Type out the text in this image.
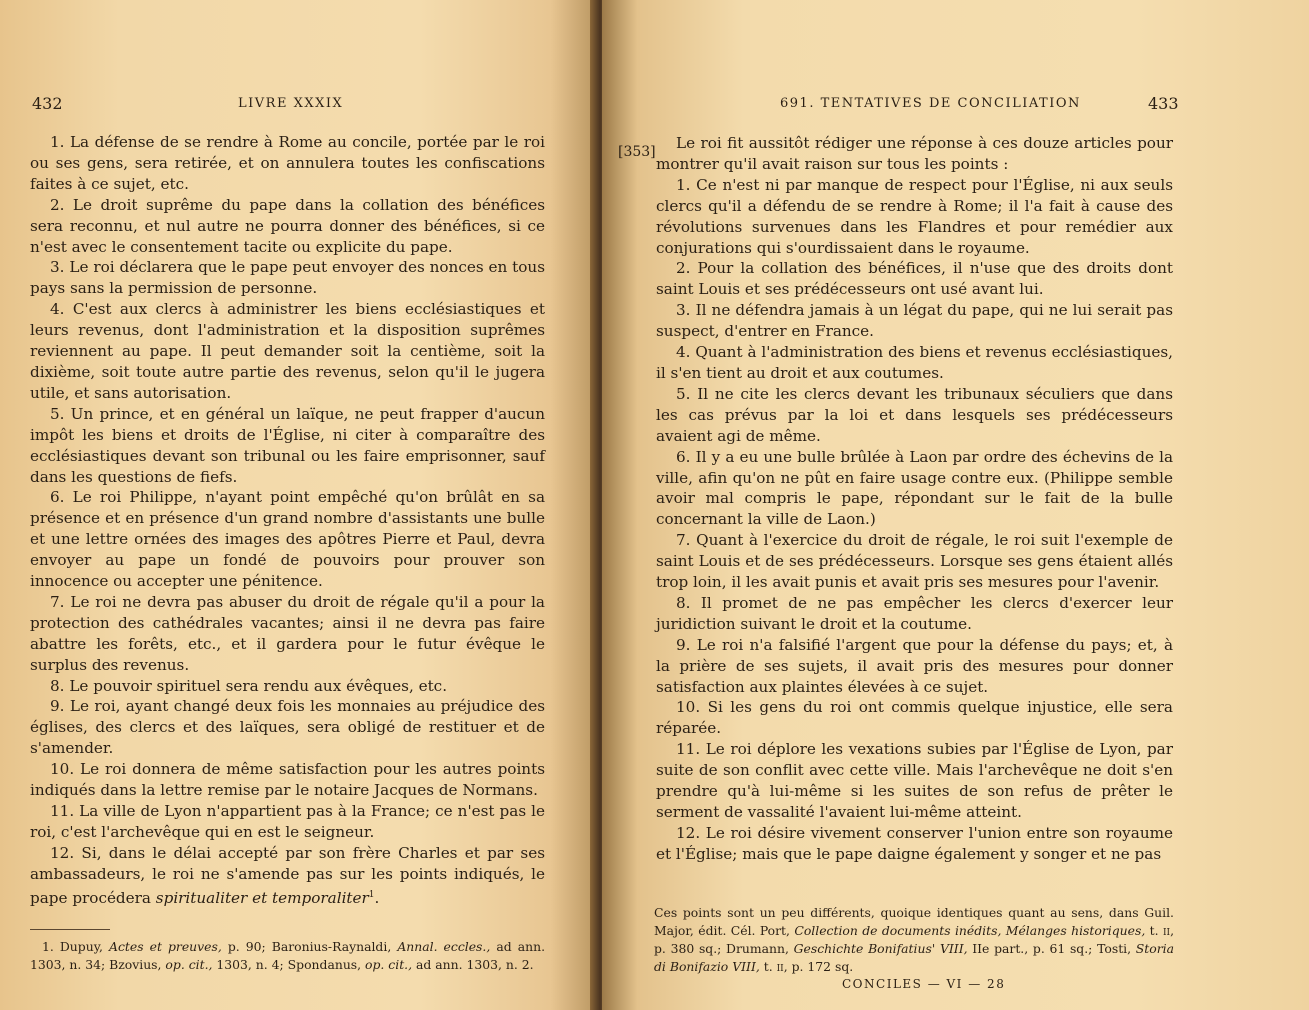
432	LIVRE XXXIX

1. La défense de se rendre à Rome au concile, portée par le roi ou ses gens, sera retirée, et on annulera toutes les confiscations faites à ce sujet, etc.

2. Le droit suprême du pape dans la collation des bénéfices sera reconnu, et nul autre ne pourra donner des bénéfices, si ce n'est avec le consentement tacite ou explicite du pape.

3. Le roi déclarera que le pape peut envoyer des nonces en tous pays sans la permission de personne.

4. C'est aux clercs à administrer les biens ecclésiastiques et leurs revenus, dont l'administration et la disposition suprêmes reviennent au pape. Il peut demander soit la centième, soit la dixième, soit toute autre partie des revenus, selon qu'il le jugera utile, et sans autorisation.

5. Un prince, et en général un laïque, ne peut frapper d'aucun impôt les biens et droits de l'Église, ni citer à comparaître des ecclésiastiques devant son tribunal ou les faire emprisonner, sauf dans les questions de fiefs.

6. Le roi Philippe, n'ayant point empêché qu'on brûlât en sa présence et en présence d'un grand nombre d'assistants une bulle et une lettre ornées des images des apôtres Pierre et Paul, devra envoyer au pape un fondé de pouvoirs pour prouver son innocence ou accepter une pénitence.

7. Le roi ne devra pas abuser du droit de régale qu'il a pour la protection des cathédrales vacantes; ainsi il ne devra pas faire abattre les forêts, etc., et il gardera pour le futur évêque le surplus des revenus.

8. Le pouvoir spirituel sera rendu aux évêques, etc.

9. Le roi, ayant changé deux fois les monnaies au préjudice des églises, des clercs et des laïques, sera obligé de restituer et de s'amender.

10. Le roi donnera de même satisfaction pour les autres points indiqués dans la lettre remise par le notaire Jacques de Normans.

11. La ville de Lyon n'appartient pas à la France; ce n'est pas le roi, c'est l'archevêque qui en est le seigneur.

12. Si, dans le délai accepté par son frère Charles et par ses ambassadeurs, le roi ne s'amende pas sur les points indiqués, le pape procédera spiritualiter et temporaliter$^1$.

1. Dupuy, Actes et preuves, p. 90; Baronius-Raynaldi, Annal. eccles., ad ann. 1303, n. 34; Bzovius, op. cit., 1303, n. 4; Spondanus, op. cit., ad ann. 1303, n. 2.
691. TENTATIVES DE CONCILIATION	433
[353]	Le roi fit aussitôt rédiger une réponse à ces douze articles pour montrer qu'il avait raison sur tous les points :

1. Ce n'est ni par manque de respect pour l'Église, ni aux seuls clercs qu'il a défendu de se rendre à Rome; il l'a fait à cause des révolutions survenues dans les Flandres et pour remédier aux conjurations qui s'ourdissaient dans le royaume.

2. Pour la collation des bénéfices, il n'use que des droits dont saint Louis et ses prédécesseurs ont usé avant lui.

3. Il ne défendra jamais à un légat du pape, qui ne lui serait pas suspect, d'entrer en France.

4. Quant à l'administration des biens et revenus ecclésiastiques, il s'en tient au droit et aux coutumes.

5. Il ne cite les clercs devant les tribunaux séculiers que dans les cas prévus par la loi et dans lesquels ses prédécesseurs avaient agi de même.

6. Il y a eu une bulle brûlée à Laon par ordre des échevins de la ville, afin qu'on ne pût en faire usage contre eux. (Philippe semble avoir mal compris le pape, répondant sur le fait de la bulle concernant la ville de Laon.)

7. Quant à l'exercice du droit de régale, le roi suit l'exemple de saint Louis et de ses prédécesseurs. Lorsque ses gens étaient allés trop loin, il les avait punis et avait pris ses mesures pour l'avenir.

8. Il promet de ne pas empêcher les clercs d'exercer leur juridiction suivant le droit et la coutume.

9. Le roi n'a falsifié l'argent que pour la défense du pays; et, à la prière de ses sujets, il avait pris des mesures pour donner satisfaction aux plaintes élevées à ce sujet.

10. Si les gens du roi ont commis quelque injustice, elle sera réparée.

11. Le roi déplore les vexations subies par l'Église de Lyon, par suite de son conflit avec cette ville. Mais l'archevêque ne doit s'en prendre qu'à lui-même si les suites de son refus de prêter le serment de vassalité l'avaient lui-même atteint.

12. Le roi désire vivement conserver l'union entre son royaume et l'Église; mais que le pape daigne également y songer et ne pas

Ces points sont un peu différents, quoique identiques quant au sens, dans Guil. Major, édit. Cél. Port, Collection de documents inédits, Mélanges historiques, t. ii, p. 380 sq.; Drumann, Geschichte Bonifatius' VIII, IIe part., p. 61 sq.; Tosti, Storia di Bonifazio VIII, t. ii, p. 172 sq.
CONCILES — VI — 28
